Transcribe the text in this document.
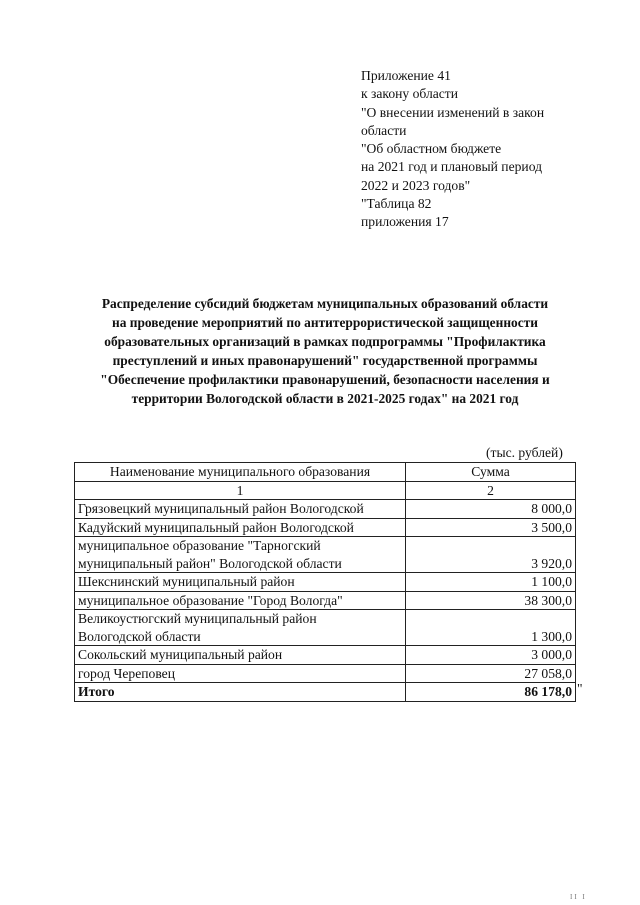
Приложение 41
к закону области
"О внесении изменений в закон
области
"Об областном бюджете
на 2021 год и плановый период
2022 и 2023 годов"
"Таблица 82
приложения 17
Распределение субсидий бюджетам муниципальных образований области
на проведение мероприятий по антитеррористической защищенности
образовательных организаций в рамках подпрограммы "Профилактика
преступлений и иных правонарушений" государственной программы
"Обеспечение профилактики правонарушений, безопасности населения и
территории Вологодской области в 2021-2025 годах" на 2021 год
(тыс. рублей)
Наименование муниципального образования	Сумма
1	2

Грязовецкий муниципальный район Вологодской	8 000,0

Кадуйский муниципальный район Вологодской	3 500,0

муниципальное образование "Тарногский
муниципальный район" Вологодской области	3 920,0

Шекснинский муниципальный район	1 100,0

муниципальное образование "Город Вологда"	38 300,0

Великоустюгский муниципальный район
Вологодской области	1 300,0

Сокольский муниципальный район	3 000,0

город Череповец	27 058,0
Итого	86 178,0 "
II I
